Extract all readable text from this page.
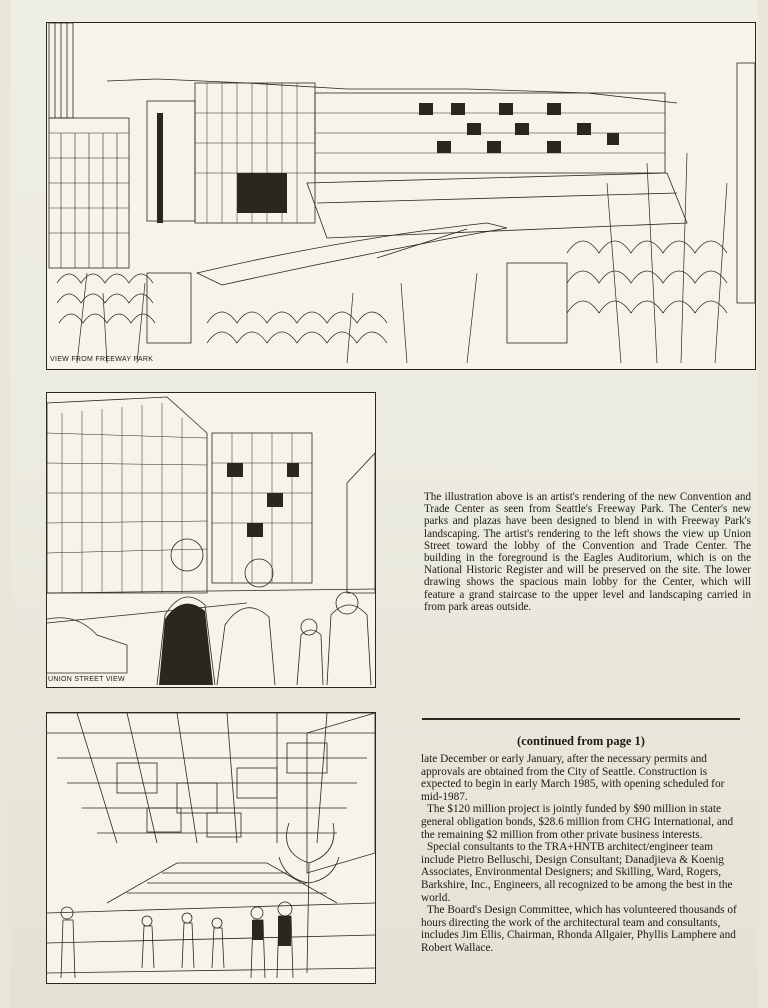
VIEW FROM FREEWAY PARK
UNION STREET VIEW
The illustration above is an artist's rendering of the new Convention and Trade Center as seen from Seattle's Freeway Park. The Center's new parks and plazas have been designed to blend in with Freeway Park's landscaping. The artist's rendering to the left shows the view up Union Street toward the lobby of the Convention and Trade Center. The building in the foreground is the Eagles Auditorium, which is on the National Historic Register and will be preserved on the site. The lower drawing shows the spacious main lobby for the Center, which will feature a grand staircase to the upper level and landscaping carried in from park areas outside.
(continued from page 1)

late December or early January, after the necessary permits and approvals are obtained from the City of Seattle. Construction is expected to begin in early March 1985, with opening scheduled for mid-1987.

The $120 million project is jointly funded by $90 million in state general obligation bonds, $28.6 million from CHG International, and the remaining $2 million from other private business interests.

Special consultants to the TRA+HNTB architect/engineer team include Pietro Belluschi, Design Consultant; Danadjieva & Koenig Associates, Environmental Designers; and Skilling, Ward, Rogers, Barkshire, Inc., Engineers, all recognized to be among the best in the world.

The Board's Design Committee, which has volunteered thousands of hours directing the work of the architectural team and consultants, includes Jim Ellis, Chairman, Rhonda Allgaier, Phyllis Lamphere and Robert Wallace.
